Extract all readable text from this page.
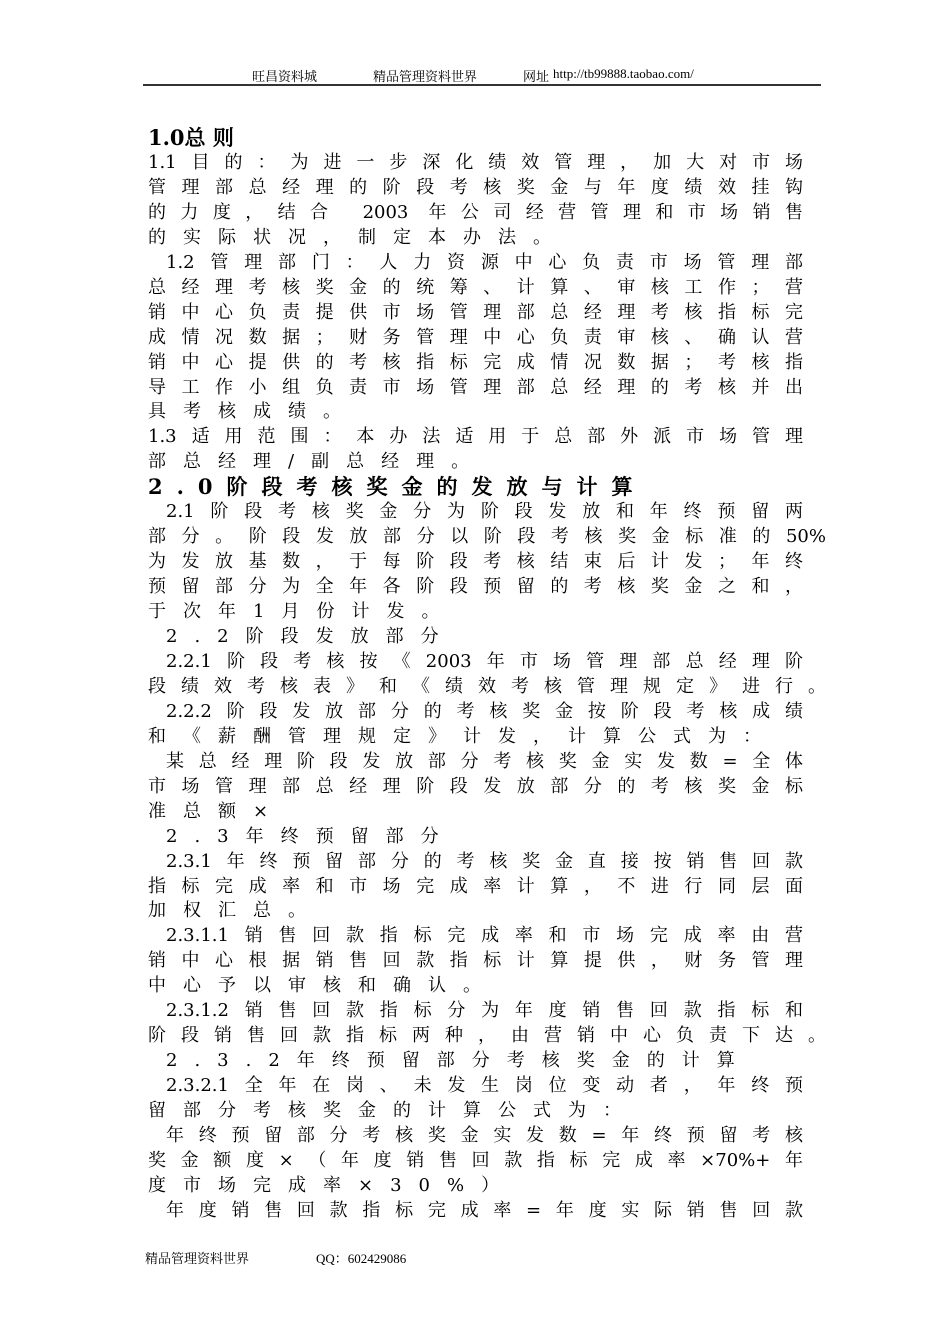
旺昌资料城	精品管理资料世界	网址 http://tb99888.taobao.com/
1.0总 则
1.1目的：为进一步深化绩效管理，加大对市场
管理部总经理的阶段考核奖金与年度绩效挂钩
的力度，结合 2003 年公司经营管理和市场销售
的实际状况，制定本办法。
1.2管理部门：人力资源中心负责市场管理部
总经理考核奖金的统筹、计算、审核工作；营
销中心负责提供市场管理部总经理考核指标完
成情况数据；财务管理中心负责审核、确认营
销中心提供的考核指标完成情况数据；考核指
导工作小组负责市场管理部总经理的考核并出
具考核成绩。
1.3适用范围：本办法适用于总部外派市场管理
部总经理/副总经理。
2.0阶段考核奖金的发放与计算
2.1阶段考核奖金分为阶段发放和年终预留两
部分。阶段发放部分以阶段考核奖金标准的50%
为发放基数，于每阶段考核结束后计发；年终
预留部分为全年各阶段预留的考核奖金之和，
于次年1月份计发。
2.2阶段发放部分
2.2.1阶段考核按《2003年市场管理部总经理阶
段绩效考核表》和《绩效考核管理规定》进行。
2.2.2阶段发放部分的考核奖金按阶段考核成绩
和《薪酬管理规定》计发，计算公式为：
某总经理阶段发放部分考核奖金实发数=全体
市场管理部总经理阶段发放部分的考核奖金标
准总额×
2.3年终预留部分
2.3.1年终预留部分的考核奖金直接按销售回款
指标完成率和市场完成率计算，不进行同层面
加权汇总。
2.3.1.1销售回款指标完成率和市场完成率由营
销中心根据销售回款指标计算提供，财务管理
中心予以审核和确认。
2.3.1.2销售回款指标分为年度销售回款指标和
阶段销售回款指标两种，由营销中心负责下达。
2.3.2年终预留部分考核奖金的计算
2.3.2.1全年在岗、未发生岗位变动者，年终预
留部分考核奖金的计算公式为：
年终预留部分考核奖金实发数=年终预留考核
奖金额度×（年度销售回款指标完成率×70%+年
度市场完成率×30%）
年度销售回款指标完成率=年度实际销售回款
精品管理资料世界	QQ：602429086
